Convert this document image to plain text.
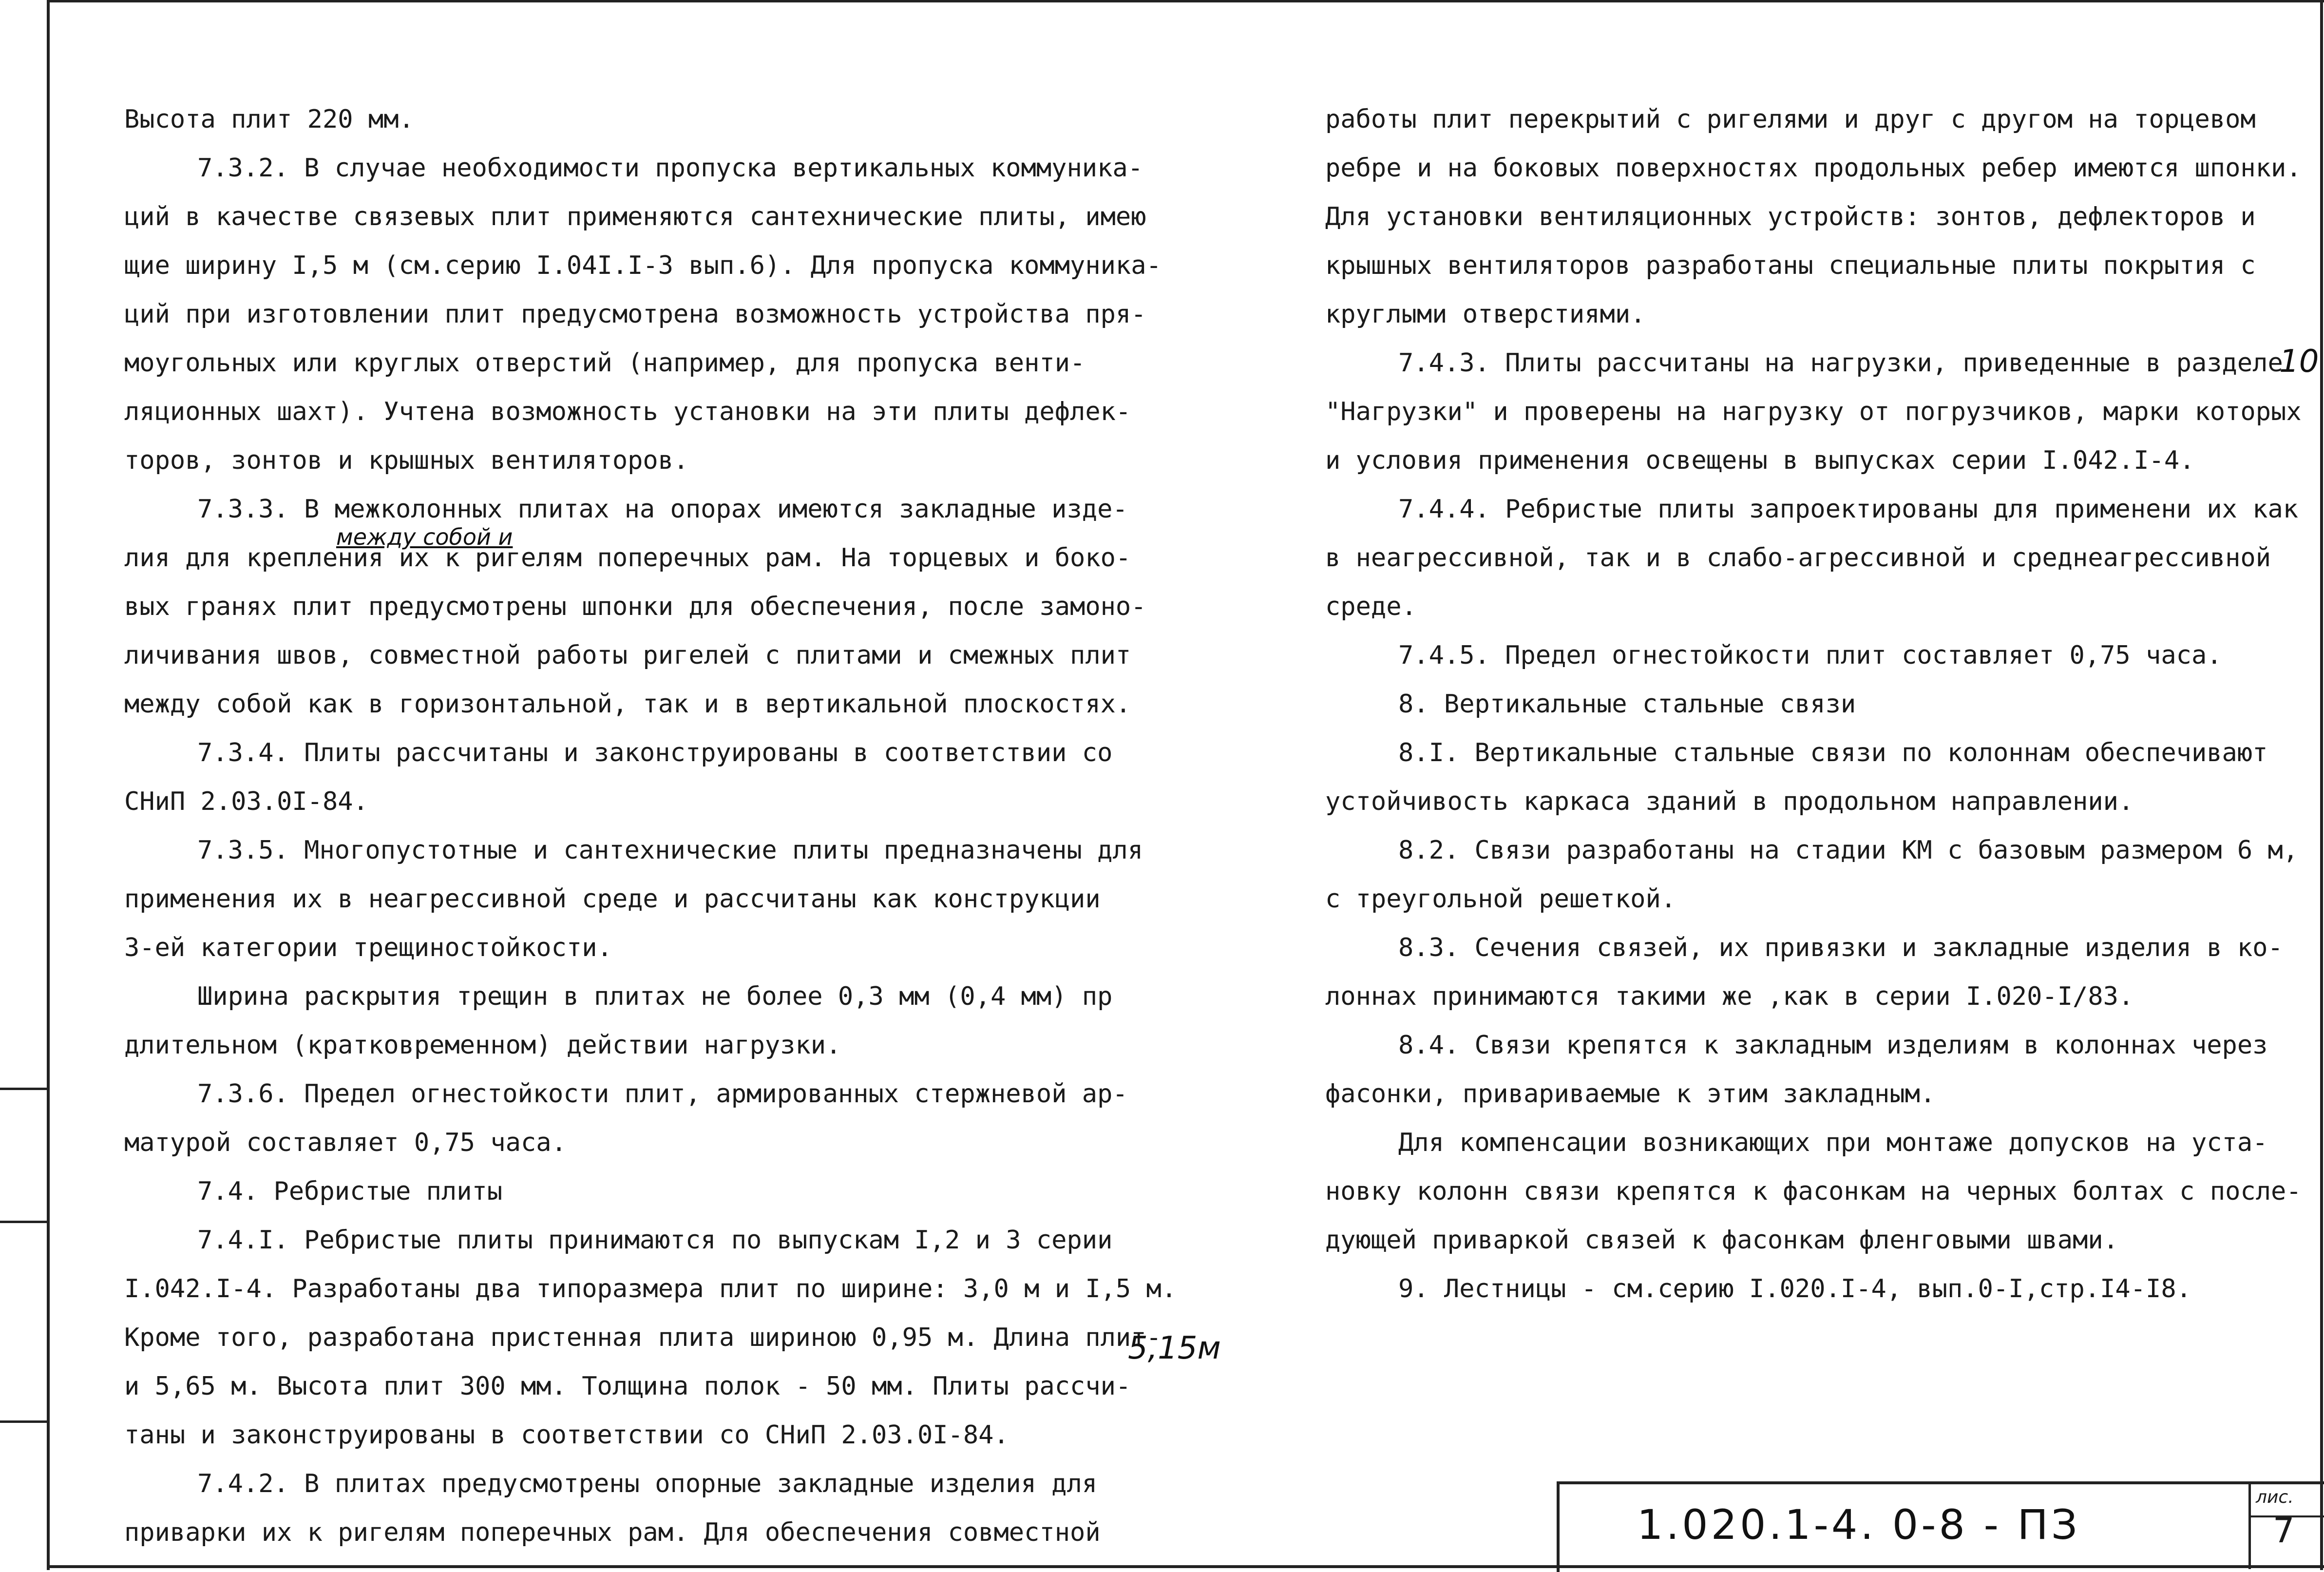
Высота плит 220 мм.

7.3.2. В случае необходимости пропуска вертикальных коммуника-

ций в качестве связевых плит применяются сантехнические плиты, имею

щие ширину I,5 м (см.серию I.04I.I-3 вып.6). Для пропуска коммуника-

ций при изготовлении плит предусмотрена возможность устройства пря-

моугольных или круглых отверстий (например, для пропуска венти-

ляционных шахт). Учтена возможность установки на эти плиты дефлек-

торов, зонтов и крышных вентиляторов.

7.3.3. В межколонных плитах на опорах имеются закладные изде-

лия для крепления их к ригелям поперечных рам. На торцевых и боко-

вых гранях плит предусмотрены шпонки для обеспечения, после замоно-

личивания швов, совместной работы ригелей с плитами и смежных плит

между собой как в горизонтальной, так и в вертикальной плоскостях.

7.3.4. Плиты рассчитаны и законструированы в соответствии со

СНиП 2.03.0I-84.

7.3.5. Многопустотные и сантехнические плиты предназначены для

применения их в неагрессивной среде и рассчитаны как конструкции

3-ей категории трещиностойкости.

Ширина раскрытия трещин в плитах не более 0,3 мм (0,4 мм) пр

длительном (кратковременном) действии нагрузки.

7.3.6. Предел огнестойкости плит, армированных стержневой ар-

матурой составляет 0,75 часа.

7.4. Ребристые плиты

7.4.I. Ребристые плиты принимаются по выпускам I,2 и 3 серии

I.042.I-4. Разработаны два типоразмера плит по ширине: 3,0 м и I,5 м.

Кроме того, разработана пристенная плита шириною 0,95 м. Длина плит-

и 5,65 м. Высота плит 300 мм. Толщина полок - 50 мм. Плиты рассчи-

таны и законструированы в соответствии со СНиП 2.03.0I-84.

7.4.2. В плитах предусмотрены опорные закладные изделия для

приварки их к ригелям поперечных рам. Для обеспечения совместной

работы плит перекрытий с ригелями и друг с другом на торцевом

ребре и на боковых поверхностях продольных ребер имеются шпонки.

Для установки вентиляционных устройств: зонтов, дефлекторов и

крышных вентиляторов разработаны специальные плиты покрытия с

круглыми отверстиями.

7.4.3. Плиты рассчитаны на нагрузки, приведенные в разделе

"Нагрузки" и проверены на нагрузку от погрузчиков, марки которых

и условия применения освещены в выпусках серии I.042.I-4.

7.4.4. Ребристые плиты запроектированы для применени их как

в неагрессивной, так и в слабо-агрессивной и среднеагрессивной

среде.

7.4.5. Предел огнестойкости плит составляет 0,75 часа.

8. Вертикальные стальные связи

8.I. Вертикальные стальные связи по колоннам обеспечивают

устойчивость каркаса зданий в продольном направлении.

8.2. Связи разработаны на стадии КМ с базовым размером 6 м,

с треугольной решеткой.

8.3. Сечения связей, их привязки и закладные изделия в ко-

лоннах принимаются такими же ,как в серии I.020-I/83.

8.4. Связи крепятся к закладным изделиям в колоннах через

фасонки, привариваемые к этим закладным.

Для компенсации возникающих при монтаже допусков на уста-

новку колонн связи крепятся к фасонкам на черных болтах с после-

дующей приваркой связей к фасонкам фленговыми швами.

9. Лестницы - см.серию I.020.I-4, вып.0-I,стр.I4-I8.

между собой и
10
5,15м
1.020.1-4. 0-8 - ПЗ
лис.
7
